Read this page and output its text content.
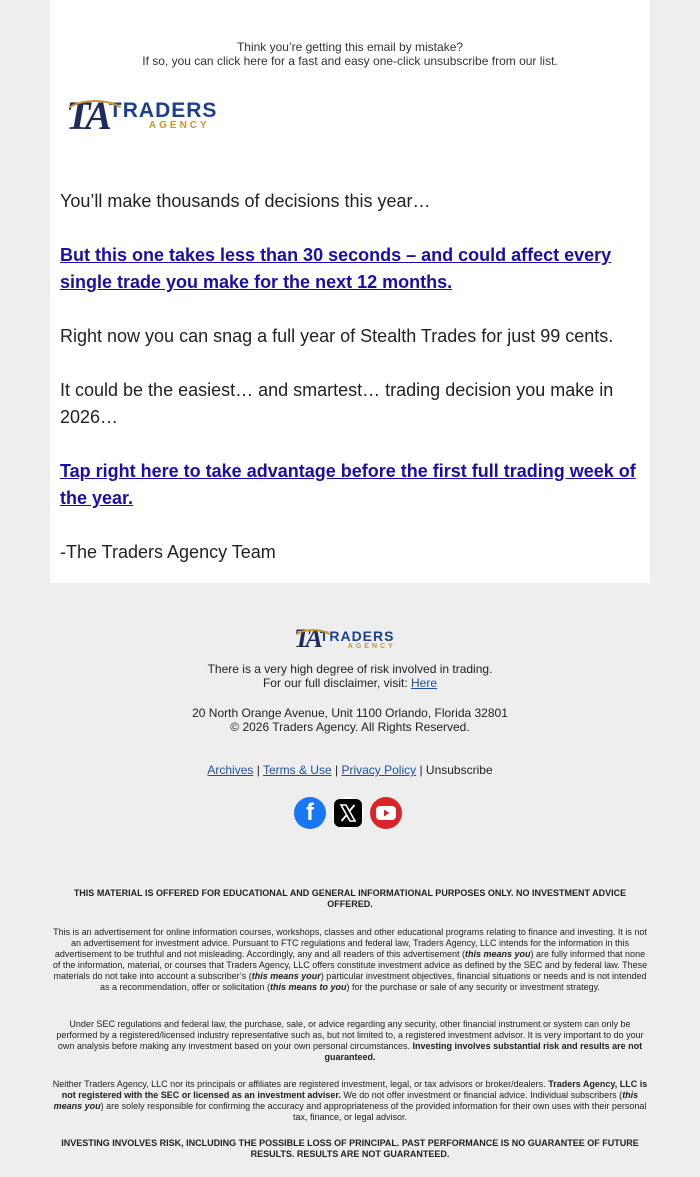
Think you’re getting this email by mistake?
If so, you can click here for a fast and easy one-click unsubscribe from our list.
TA TRADERS
AGENCY
You’ll make thousands of decisions this year…
But this one takes less than 30 seconds – and could affect every single trade you make for the next 12 months.
Right now you can snag a full year of Stealth Trades for just 99 cents.
It could be the easiest… and smartest… trading decision you make in 2026…
Tap right here to take advantage before the first full trading week of the year.
-The Traders Agency Team
TA TRADERS
AGENCY
There is a very high degree of risk involved in trading.
For our full disclaimer, visit: Here
20 North Orange Avenue, Unit 1100 Orlando, Florida 32801
© 2026 Traders Agency. All Rights Reserved.
Archives | Terms & Use | Privacy Policy | Unsubscribe
f
THIS MATERIAL IS OFFERED FOR EDUCATIONAL AND GENERAL INFORMATIONAL PURPOSES ONLY. NO INVESTMENT ADVICE OFFERED.
This is an advertisement for online information courses, workshops, classes and other educational programs relating to finance and investing. It is not an advertisement for investment advice. Pursuant to FTC regulations and federal law, Traders Agency, LLC intends for the information in this advertisement to be truthful and not misleading. Accordingly, any and all readers of this advertisement (this means you) are fully informed that none of the information, material, or courses that Traders Agency, LLC offers constitute investment advice as defined by the SEC and by federal law. These materials do not take into account a subscriber’s (this means your) particular investment objectives, financial situations or needs and is not intended as a recommendation, offer or solicitation (this means to you) for the purchase or sale of any security or investment strategy.
Under SEC regulations and federal law, the purchase, sale, or advice regarding any security, other financial instrument or system can only be performed by a registered/licensed industry representative such as, but not limited to, a registered investment advisor. It is very important to do your own analysis before making any investment based on your own personal circumstances. Investing involves substantial risk and results are not guaranteed.
Neither Traders Agency, LLC nor its principals or affiliates are registered investment, legal, or tax advisors or broker/dealers. Traders Agency, LLC is not registered with the SEC or licensed as an investment adviser. We do not offer investment or financial advice. Individual subscribers (this means you) are solely responsible for confirming the accuracy and appropriateness of the provided information for their own uses with their personal tax, finance, or legal advisor.
INVESTING INVOLVES RISK, INCLUDING THE POSSIBLE LOSS OF PRINCIPAL. PAST PERFORMANCE IS NO GUARANTEE OF FUTURE RESULTS. RESULTS ARE NOT GUARANTEED.
